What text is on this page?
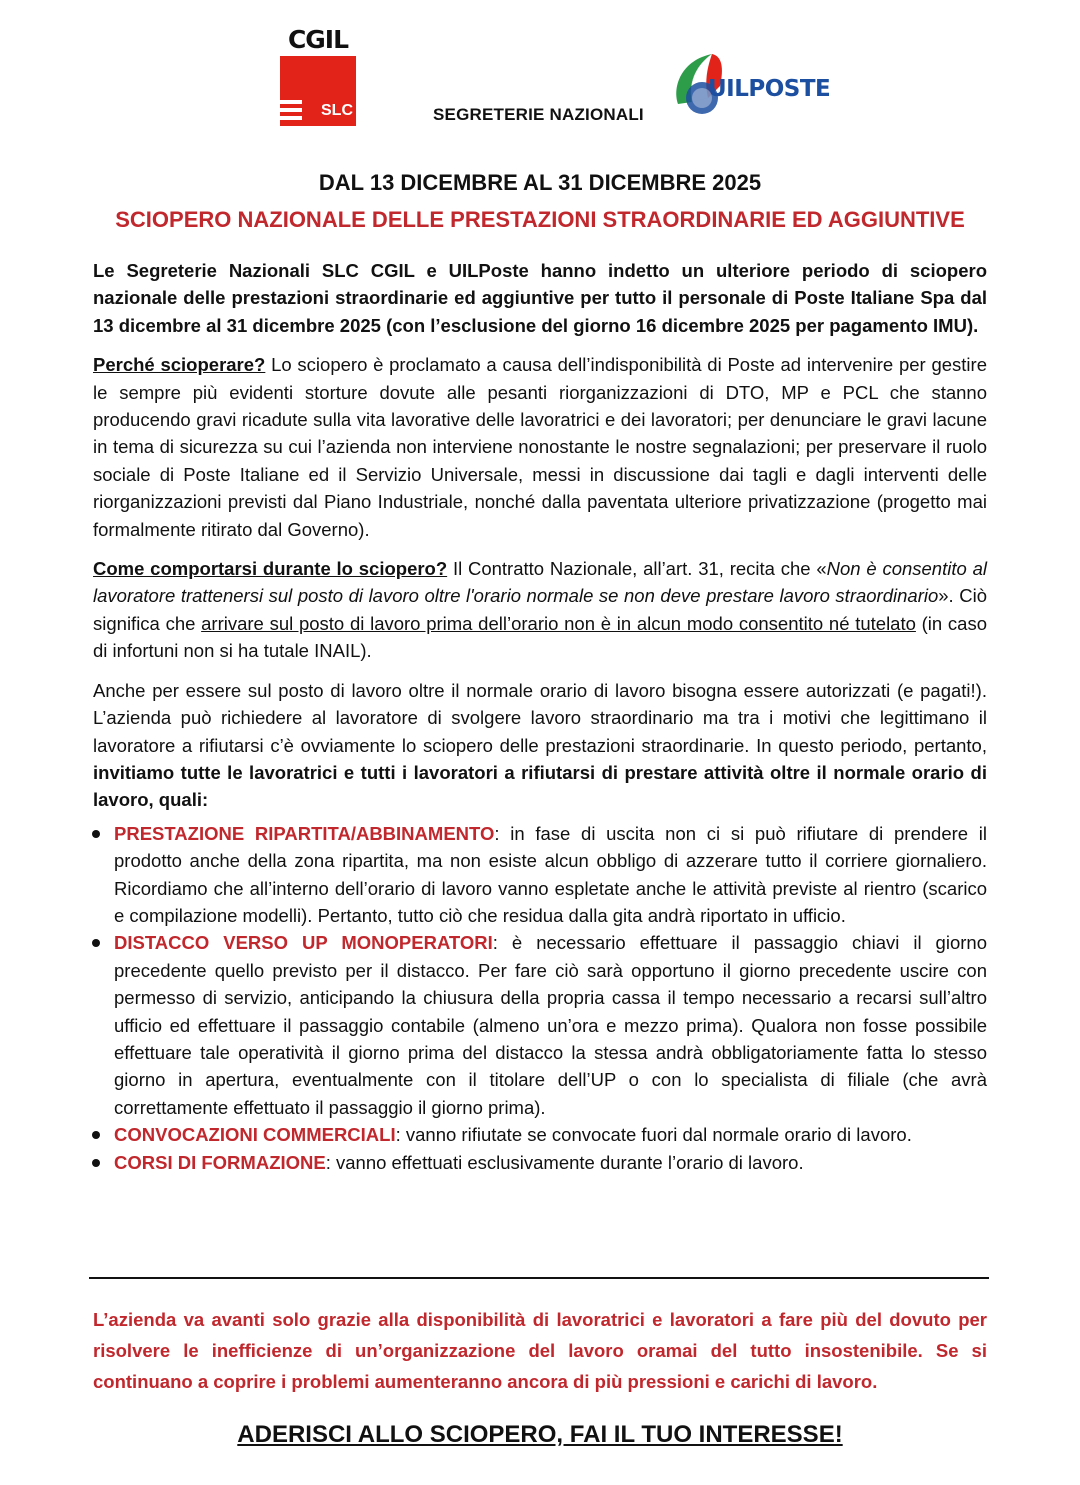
CGIL
SLC	SEGRETERIE NAZIONALI
UILPOSTE
DAL 13 DICEMBRE AL 31 DICEMBRE 2025
SCIOPERO NAZIONALE DELLE PRESTAZIONI STRAORDINARIE ED AGGIUNTIVE

Le Segreterie Nazionali SLC CGIL e UILPoste hanno indetto un ulteriore periodo di sciopero nazionale delle prestazioni straordinarie ed aggiuntive per tutto il personale di Poste Italiane Spa dal 13 dicembre al 31 dicembre 2025 (con l’esclusione del giorno 16 dicembre 2025 per pagamento IMU).

Perché scioperare? Lo sciopero è proclamato a causa dell’indisponibilità di Poste ad intervenire per gestire le sempre più evidenti storture dovute alle pesanti riorganizzazioni di DTO, MP e PCL che stanno producendo gravi ricadute sulla vita lavorative delle lavoratrici e dei lavoratori; per denunciare le gravi lacune in tema di sicurezza su cui l’azienda non interviene nonostante le nostre segnalazioni; per preservare il ruolo sociale di Poste Italiane ed il Servizio Universale, messi in discussione dai tagli e dagli interventi delle riorganizzazioni previsti dal Piano Industriale, nonché dalla paventata ulteriore privatizzazione (progetto mai formalmente ritirato dal Governo).

Come comportarsi durante lo sciopero? Il Contratto Nazionale, all’art. 31, recita che «Non è consentito al lavoratore trattenersi sul posto di lavoro oltre l'orario normale se non deve prestare lavoro straordinario». Ciò significa che arrivare sul posto di lavoro prima dell’orario non è in alcun modo consentito né tutelato (in caso di infortuni non si ha tutale INAIL).

Anche per essere sul posto di lavoro oltre il normale orario di lavoro bisogna essere autorizzati (e pagati!). L’azienda può richiedere al lavoratore di svolgere lavoro straordinario ma tra i motivi che legittimano il lavoratore a rifiutarsi c’è ovviamente lo sciopero delle prestazioni straordinarie. In questo periodo, pertanto, invitiamo tutte le lavoratrici e tutti i lavoratori a rifiutarsi di prestare attività oltre il normale orario di lavoro, quali:

PRESTAZIONE RIPARTITA/ABBINAMENTO: in fase di uscita non ci si può rifiutare di prendere il prodotto anche della zona ripartita, ma non esiste alcun obbligo di azzerare tutto il corriere giornaliero. Ricordiamo che all’interno dell’orario di lavoro vanno espletate anche le attività previste al rientro (scarico e compilazione modelli). Pertanto, tutto ciò che residua dalla gita andrà riportato in ufficio.
DISTACCO VERSO UP MONOPERATORI: è necessario effettuare il passaggio chiavi il giorno precedente quello previsto per il distacco. Per fare ciò sarà opportuno il giorno precedente uscire con permesso di servizio, anticipando la chiusura della propria cassa il tempo necessario a recarsi sull’altro ufficio ed effettuare il passaggio contabile (almeno un’ora e mezzo prima). Qualora non fosse possibile effettuare tale operatività il giorno prima del distacco la stessa andrà obbligatoriamente fatta lo stesso giorno in apertura, eventualmente con il titolare dell’UP o con lo specialista di filiale (che avrà correttamente effettuato il passaggio il giorno prima).
CONVOCAZIONI COMMERCIALI: vanno rifiutate se convocate fuori dal normale orario di lavoro.
CORSI DI FORMAZIONE: vanno effettuati esclusivamente durante l’orario di lavoro.
L’azienda va avanti solo grazie alla disponibilità di lavoratrici e lavoratori a fare più del dovuto per risolvere le inefficienze di un’organizzazione del lavoro oramai del tutto insostenibile. Se si continuano a coprire i problemi aumenteranno ancora di più pressioni e carichi di lavoro.
ADERISCI ALLO SCIOPERO, FAI IL TUO INTERESSE!
